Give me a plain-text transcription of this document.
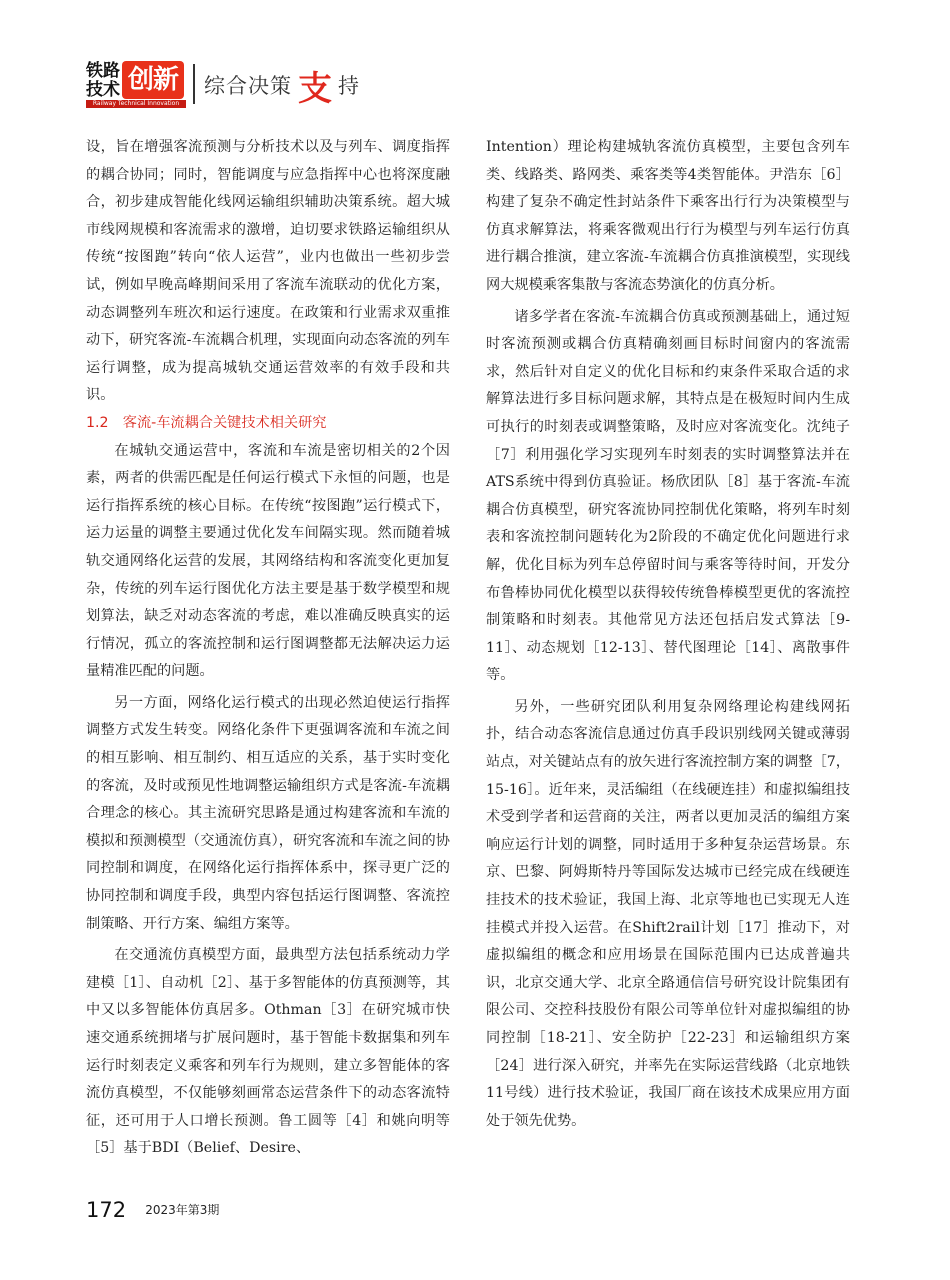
铁路
技术 创新
Railway Technical Innovation
综合决策 支 持

设，旨在增强客流预测与分析技术以及与列车、调度指挥的耦合协同；同时，智能调度与应急指挥中心也将深度融合，初步建成智能化线网运输组织辅助决策系统。超大城市线网规模和客流需求的激增，迫切要求铁路运输组织从传统“按图跑”转向“依人运营”，业内也做出一些初步尝试，例如早晚高峰期间采用了客流车流联动的优化方案，动态调整列车班次和运行速度。在政策和行业需求双重推动下，研究客流-车流耦合机理，实现面向动态客流的列车运行调整，成为提高城轨交通运营效率的有效手段和共识。

1.2　客流-车流耦合关键技术相关研究

在城轨交通运营中，客流和车流是密切相关的2个因素，两者的供需匹配是任何运行模式下永恒的问题，也是运行指挥系统的核心目标。在传统“按图跑”运行模式下，运力运量的调整主要通过优化发车间隔实现。然而随着城轨交通网络化运营的发展，其网络结构和客流变化更加复杂，传统的列车运行图优化方法主要是基于数学模型和规划算法，缺乏对动态客流的考虑，难以准确反映真实的运行情况，孤立的客流控制和运行图调整都无法解决运力运量精准匹配的问题。

另一方面，网络化运行模式的出现必然迫使运行指挥调整方式发生转变。网络化条件下更强调客流和车流之间的相互影响、相互制约、相互适应的关系，基于实时变化的客流，及时或预见性地调整运输组织方式是客流-车流耦合理念的核心。其主流研究思路是通过构建客流和车流的模拟和预测模型（交通流仿真），研究客流和车流之间的协同控制和调度，在网络化运行指挥体系中，探寻更广泛的协同控制和调度手段，典型内容包括运行图调整、客流控制策略、开行方案、编组方案等。

在交通流仿真模型方面，最典型方法包括系统动力学建模［1］、自动机［2］、基于多智能体的仿真预测等，其中又以多智能体仿真居多。Othman［3］在研究城市快速交通系统拥堵与扩展问题时，基于智能卡数据集和列车运行时刻表定义乘客和列车行为规则，建立多智能体的客流仿真模型，不仅能够刻画常态运营条件下的动态客流特征，还可用于人口增长预测。鲁工圆等［4］和姚向明等［5］基于BDI（Belief、Desire、

Intention）理论构建城轨客流仿真模型，主要包含列车类、线路类、路网类、乘客类等4类智能体。尹浩东［6］构建了复杂不确定性封站条件下乘客出行行为决策模型与仿真求解算法，将乘客微观出行行为模型与列车运行仿真进行耦合推演，建立客流-车流耦合仿真推演模型，实现线网大规模乘客集散与客流态势演化的仿真分析。

诸多学者在客流-车流耦合仿真或预测基础上，通过短时客流预测或耦合仿真精确刻画目标时间窗内的客流需求，然后针对自定义的优化目标和约束条件采取合适的求解算法进行多目标问题求解，其特点是在极短时间内生成可执行的时刻表或调整策略，及时应对客流变化。沈纯子［7］利用强化学习实现列车时刻表的实时调整算法并在ATS系统中得到仿真验证。杨欣团队［8］基于客流-车流耦合仿真模型，研究客流协同控制优化策略，将列车时刻表和客流控制问题转化为2阶段的不确定优化问题进行求解，优化目标为列车总停留时间与乘客等待时间，开发分布鲁棒协同优化模型以获得较传统鲁棒模型更优的客流控制策略和时刻表。其他常见方法还包括启发式算法［9-11］、动态规划［12-13］、替代图理论［14］、离散事件等。

另外，一些研究团队利用复杂网络理论构建线网拓扑，结合动态客流信息通过仿真手段识别线网关键或薄弱站点，对关键站点有的放矢进行客流控制方案的调整［7，15-16］。近年来，灵活编组（在线硬连挂）和虚拟编组技术受到学者和运营商的关注，两者以更加灵活的编组方案响应运行计划的调整，同时适用于多种复杂运营场景。东京、巴黎、阿姆斯特丹等国际发达城市已经完成在线硬连挂技术的技术验证，我国上海、北京等地也已实现无人连挂模式并投入运营。在Shift2rail计划［17］推动下，对虚拟编组的概念和应用场景在国际范围内已达成普遍共识，北京交通大学、北京全路通信信号研究设计院集团有限公司、交控科技股份有限公司等单位针对虚拟编组的协同控制［18-21］、安全防护［22-23］和运输组织方案［24］进行深入研究，并率先在实际运营线路（北京地铁11号线）进行技术验证，我国厂商在该技术成果应用方面处于领先优势。

172 2023年第3期
